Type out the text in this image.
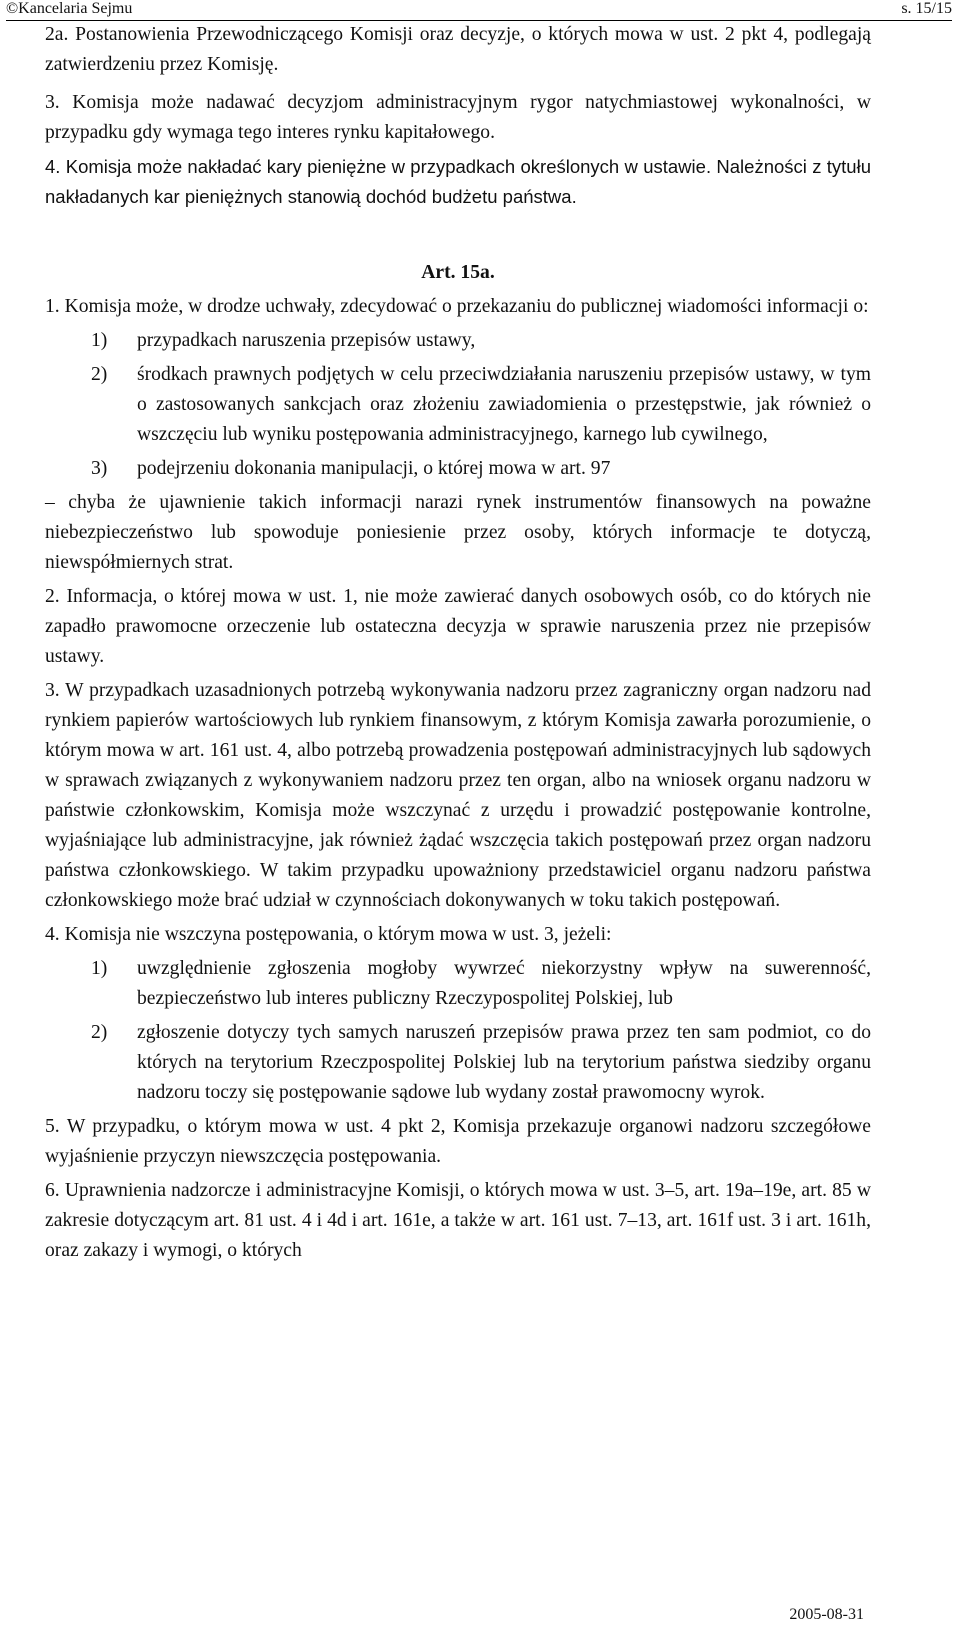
©Kancelaria Sejmu	s. 15/15

2a. Postanowienia Przewodniczącego Komisji oraz decyzje, o których mowa w ust. 2 pkt 4, podlegają zatwierdzeniu przez Komisję.

3. Komisja może nadawać decyzjom administracyjnym rygor natychmiastowej wykonalności, w przypadku gdy wymaga tego interes rynku kapitałowego.

4. Komisja może nakładać kary pieniężne w przypadkach określonych w ustawie. Należności z tytułu nakładanych kar pieniężnych stanowią dochód budżetu państwa.

Art. 15a.

1. Komisja może, w drodze uchwały, zdecydować o przekazaniu do publicznej wiadomości informacji o:

1)	przypadkach naruszenia przepisów ustawy,
2)	środkach prawnych podjętych w celu przeciwdziałania naruszeniu przepisów ustawy, w tym o zastosowanych sankcjach oraz złożeniu zawiadomienia o przestępstwie, jak również o wszczęciu lub wyniku postępowania administracyjnego, karnego lub cywilnego,
3)	podejrzeniu dokonania manipulacji, o której mowa w art. 97

– chyba że ujawnienie takich informacji narazi rynek instrumentów finansowych na poważne niebezpieczeństwo lub spowoduje poniesienie przez osoby, których informacje te dotyczą, niewspółmiernych strat.

2. Informacja, o której mowa w ust. 1, nie może zawierać danych osobowych osób, co do których nie zapadło prawomocne orzeczenie lub ostateczna decyzja w sprawie naruszenia przez nie przepisów ustawy.

3. W przypadkach uzasadnionych potrzebą wykonywania nadzoru przez zagraniczny organ nadzoru nad rynkiem papierów wartościowych lub rynkiem finansowym, z którym Komisja zawarła porozumienie, o którym mowa w art. 161 ust. 4, albo potrzebą prowadzenia postępowań administracyjnych lub sądowych w sprawach związanych z wykonywaniem nadzoru przez ten organ, albo na wniosek organu nadzoru w państwie członkowskim, Komisja może wszczynać z urzędu i prowadzić postępowanie kontrolne, wyjaśniające lub administracyjne, jak również żądać wszczęcia takich postępowań przez organ nadzoru państwa członkowskiego. W takim przypadku upoważniony przedstawiciel organu nadzoru państwa członkowskiego może brać udział w czynnościach dokonywanych w toku takich postępowań.

4. Komisja nie wszczyna postępowania, o którym mowa w ust. 3, jeżeli:

1)	uwzględnienie zgłoszenia mogłoby wywrzeć niekorzystny wpływ na suwerenność, bezpieczeństwo lub interes publiczny Rzeczypospolitej Polskiej, lub
2)	zgłoszenie dotyczy tych samych naruszeń przepisów prawa przez ten sam podmiot, co do których na terytorium Rzeczpospolitej Polskiej lub na terytorium państwa siedziby organu nadzoru toczy się postępowanie sądowe lub wydany został prawomocny wyrok.

5. W przypadku, o którym mowa w ust. 4 pkt 2, Komisja przekazuje organowi nadzoru szczegółowe wyjaśnienie przyczyn niewszczęcia postępowania.

6. Uprawnienia nadzorcze i administracyjne Komisji, o których mowa w ust. 3–5, art. 19a–19e, art. 85 w zakresie dotyczącym art. 81 ust. 4 i 4d i art. 161e, a także w art. 161 ust. 7–13, art. 161f ust. 3 i art. 161h, oraz zakazy i wymogi, o których

2005-08-31
